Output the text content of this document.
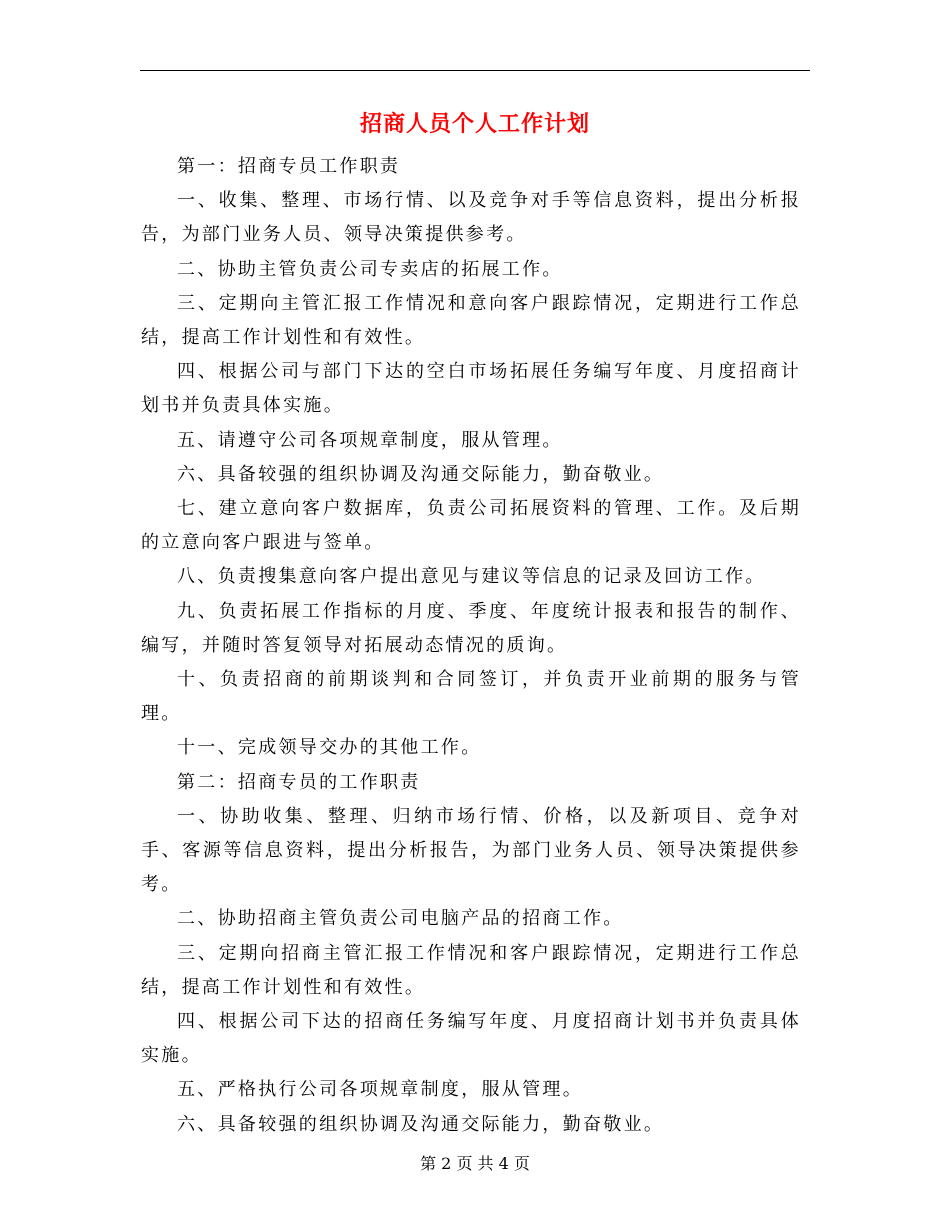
招商人员个人工作计划

第一：招商专员工作职责

一、收集、整理、市场行情、以及竞争对手等信息资料，提出分析报告，为部门业务人员、领导决策提供参考。

二、协助主管负责公司专卖店的拓展工作。

三、定期向主管汇报工作情况和意向客户跟踪情况，定期进行工作总结，提高工作计划性和有效性。

四、根据公司与部门下达的空白市场拓展任务编写年度、月度招商计划书并负责具体实施。

五、请遵守公司各项规章制度，服从管理。

六、具备较强的组织协调及沟通交际能力，勤奋敬业。

七、建立意向客户数据库，负责公司拓展资料的管理、工作。及后期的立意向客户跟进与签单。

八、负责搜集意向客户提出意见与建议等信息的记录及回访工作。

九、负责拓展工作指标的月度、季度、年度统计报表和报告的制作、编写，并随时答复领导对拓展动态情况的质询。

十、负责招商的前期谈判和合同签订，并负责开业前期的服务与管理。

十一、完成领导交办的其他工作。

第二：招商专员的工作职责

一、协助收集、整理、归纳市场行情、价格，以及新项目、竞争对手、客源等信息资料，提出分析报告，为部门业务人员、领导决策提供参考。

二、协助招商主管负责公司电脑产品的招商工作。

三、定期向招商主管汇报工作情况和客户跟踪情况，定期进行工作总结，提高工作计划性和有效性。

四、根据公司下达的招商任务编写年度、月度招商计划书并负责具体实施。

五、严格执行公司各项规章制度，服从管理。

六、具备较强的组织协调及沟通交际能力，勤奋敬业。

第 2 页 共 4 页
